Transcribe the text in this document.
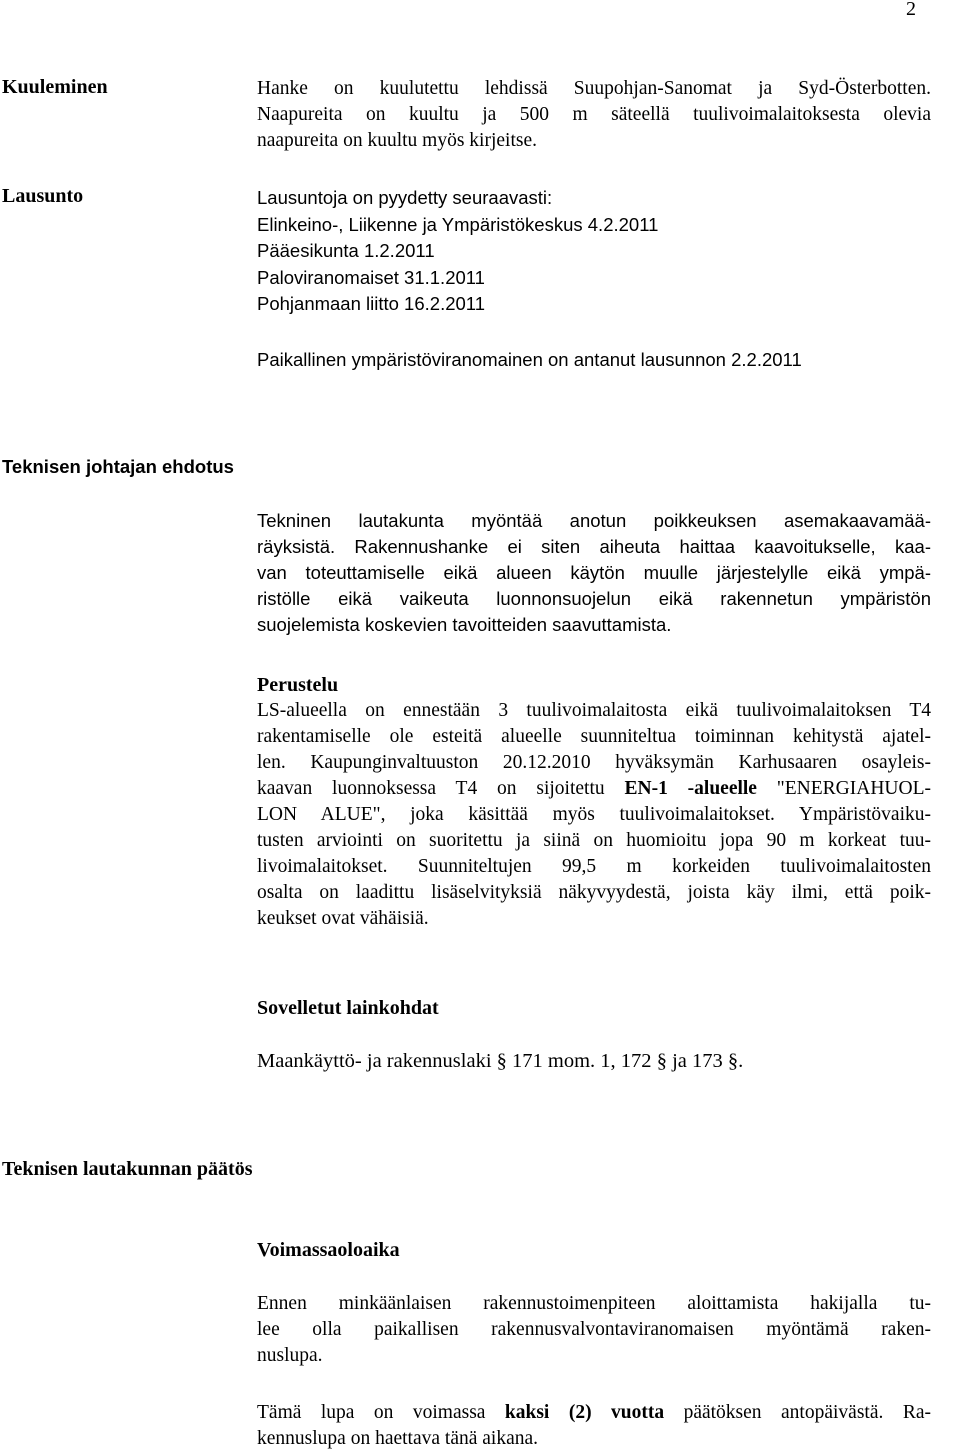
2
Kuuleminen	Hanke on kuulutettu lehdissä Suupohjan-Sanomat ja Syd-Österbotten.
Naapureita on kuultu ja 500 m säteellä tuulivoimalaitoksesta olevia
naapureita on kuultu myös kirjeitse.
Lausunto	Lausuntoja on pyydetty seuraavasti:
Elinkeino-, Liikenne ja Ympäristökeskus 4.2.2011
Pääesikunta 1.2.2011
Paloviranomaiset 31.1.2011
Pohjanmaan liitto 16.2.2011
Paikallinen ympäristöviranomainen on antanut lausunnon 2.2.2011
Teknisen johtajan ehdotus
Tekninen lautakunta myöntää anotun poikkeuksen asemakaavamää-
räyksistä. Rakennushanke ei siten aiheuta haittaa kaavoitukselle, kaa-
van toteuttamiselle eikä alueen käytön muulle järjestelylle eikä ympä-
ristölle eikä vaikeuta luonnonsuojelun eikä rakennetun ympäristön
suojelemista koskevien tavoitteiden saavuttamista.
Perustelu
LS-alueella on ennestään 3 tuulivoimalaitosta eikä tuulivoimalaitoksen T4
rakentamiselle ole esteitä alueelle suunniteltua toiminnan kehitystä ajatel-
len. Kaupunginvaltuuston 20.12.2010 hyväksymän Karhusaaren osayleis-
kaavan luonnoksessa T4 on sijoitettu EN-1 -alueelle "ENERGIAHUOL-
LON ALUE", joka käsittää myös tuulivoimalaitokset. Ympäristövaiku-
tusten arviointi on suoritettu ja siinä on huomioitu jopa 90 m korkeat tuu-
livoimalaitokset. Suunniteltujen 99,5 m korkeiden tuulivoimalaitosten
osalta on laadittu lisäselvityksiä näkyvyydestä, joista käy ilmi, että poik-
keukset ovat vähäisiä.
Sovelletut lainkohdat
Maankäyttö- ja rakennuslaki § 171 mom. 1, 172 § ja 173 §.
Teknisen lautakunnan päätös
Voimassaoloaika
Ennen minkäänlaisen rakennustoimenpiteen aloittamista hakijalla tu-
lee olla paikallisen rakennusvalvontaviranomaisen myöntämä raken-
nuslupa.
Tämä lupa on voimassa kaksi (2) vuotta päätöksen antopäivästä. Ra-
kennuslupa on haettava tänä aikana.
